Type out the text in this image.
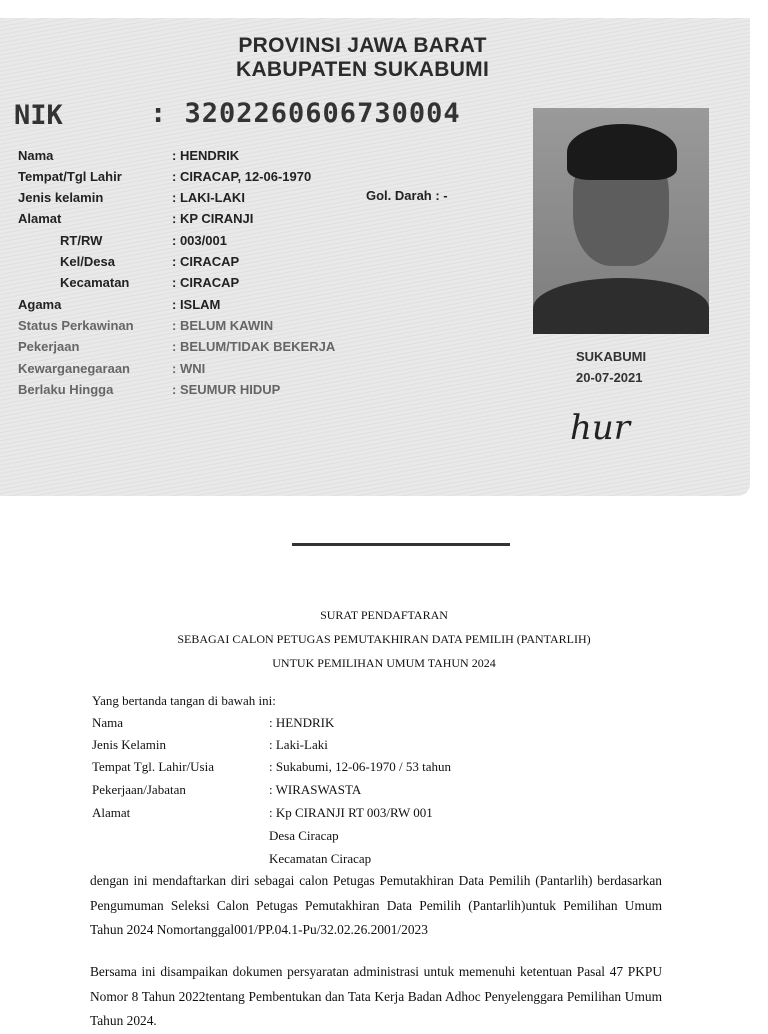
PROVINSI JAWA BARAT
KABUPATEN SUKABUMI
NIK	: 3202260606730004
Nama	: HENDRIK
Tempat/Tgl Lahir	: CIRACAP, 12-06-1970
Jenis kelamin	: LAKI-LAKI
Alamat	: KP CIRANJI
RT/RW	: 003/001
Kel/Desa	: CIRACAP
Kecamatan	: CIRACAP
Agama	: ISLAM
Status Perkawinan	: BELUM KAWIN
Pekerjaan	: BELUM/TIDAK BEKERJA
Kewarganegaraan	: WNI
Berlaku Hingga	: SEUMUR HIDUP
Gol. Darah : -
SUKABUMI
20-07-2021
hur
SURAT PENDAFTARAN
SEBAGAI CALON PETUGAS PEMUTAKHIRAN DATA PEMILIH (PANTARLIH)
UNTUK PEMILIHAN UMUM TAHUN 2024
Yang bertanda tangan di bawah ini:
Nama	: HENDRIK
Jenis Kelamin	: Laki-Laki
Tempat Tgl. Lahir/Usia	: Sukabumi, 12-06-1970 / 53 tahun
Pekerjaan/Jabatan	: WIRASWASTA
Alamat	: Kp CIRANJI RT 003/RW 001
Desa Ciracap
Kecamatan Ciracap
dengan ini mendaftarkan diri sebagai calon Petugas Pemutakhiran Data Pemilih (Pantarlih) berdasarkan Pengumuman Seleksi Calon Petugas Pemutakhiran Data Pemilih (Pantarlih)untuk Pemilihan Umum Tahun 2024 Nomortanggal001/PP.04.1-Pu/32.02.26.2001/2023
Bersama ini disampaikan dokumen persyaratan administrasi untuk memenuhi ketentuan Pasal 47 PKPU Nomor 8 Tahun 2022tentang Pembentukan dan Tata Kerja Badan Adhoc Penyelenggara Pemilihan Umum Tahun 2024.
